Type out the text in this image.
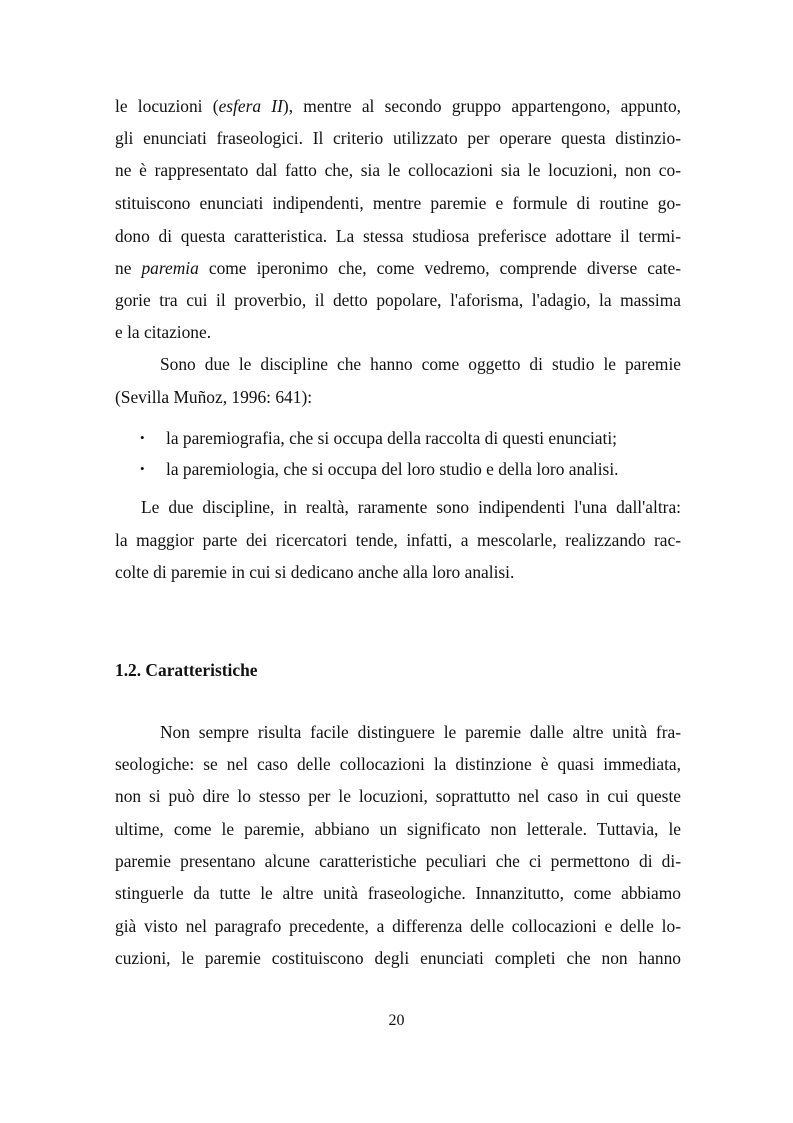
le locuzioni (esfera II), mentre al secondo gruppo appartengono, appunto,
gli enunciati fraseologici. Il criterio utilizzato per operare questa distinzio-
ne è rappresentato dal fatto che, sia le collocazioni sia le locuzioni, non co-
stituiscono enunciati indipendenti, mentre paremie e formule di routine go-
dono di questa caratteristica. La stessa studiosa preferisce adottare il termi-
ne paremia come iperonimo che, come vedremo, comprende diverse cate-
gorie tra cui il proverbio, il detto popolare, l'aforisma, l'adagio, la massima
e la citazione.
Sono due le discipline che hanno come oggetto di studio le paremie
(Sevilla Muñoz, 1996: 641):
• la paremiografia, che si occupa della raccolta di questi enunciati;
• la paremiologia, che si occupa del loro studio e della loro analisi.
Le due discipline, in realtà, raramente sono indipendenti l'una dall'altra:
la maggior parte dei ricercatori tende, infatti, a mescolarle, realizzando rac-
colte di paremie in cui si dedicano anche alla loro analisi.
1.2. Caratteristiche
Non sempre risulta facile distinguere le paremie dalle altre unità fra-
seologiche: se nel caso delle collocazioni la distinzione è quasi immediata,
non si può dire lo stesso per le locuzioni, soprattutto nel caso in cui queste
ultime, come le paremie, abbiano un significato non letterale. Tuttavia, le
paremie presentano alcune caratteristiche peculiari che ci permettono di di-
stinguerle da tutte le altre unità fraseologiche. Innanzitutto, come abbiamo
già visto nel paragrafo precedente, a differenza delle collocazioni e delle lo-
cuzioni, le paremie costituiscono degli enunciati completi che non hanno
20
